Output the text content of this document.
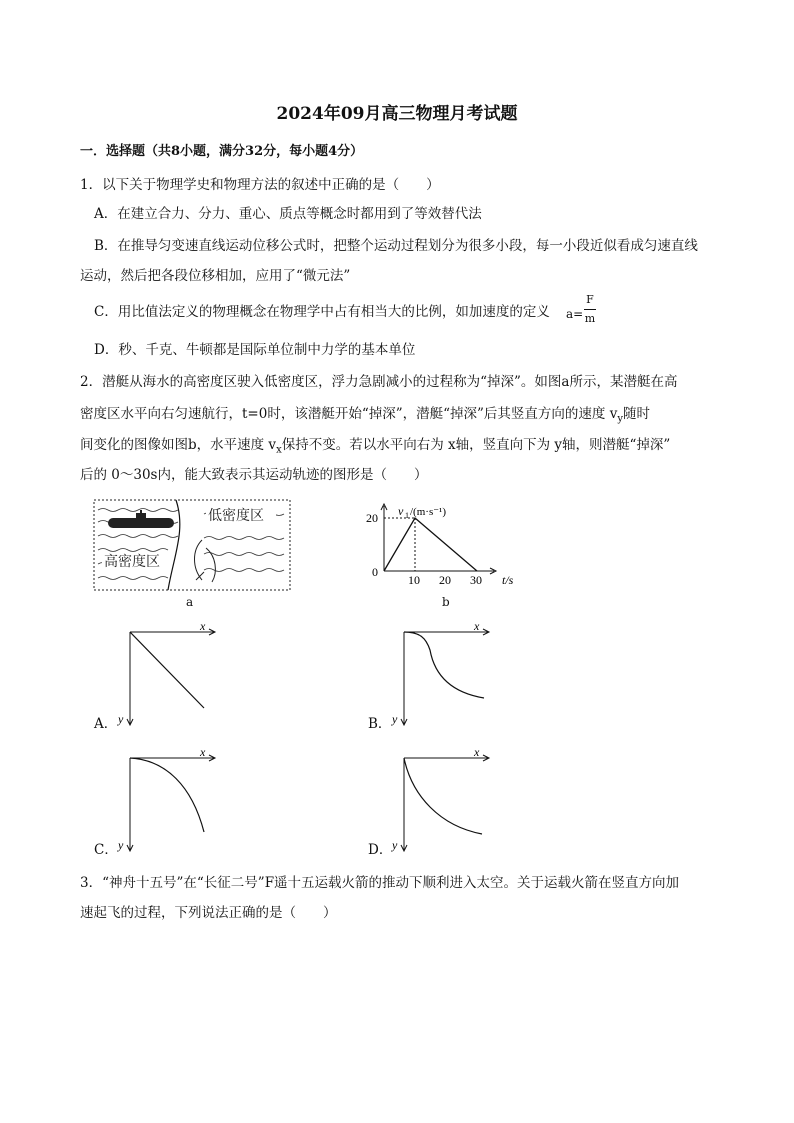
2024年09月高三物理月考试题
一．选择题（共8小题，满分32分，每小题4分）
1．以下关于物理学史和物理方法的叙述中正确的是（　　）
A．在建立合力、分力、重心、质点等概念时都用到了等效替代法
B．在推导匀变速直线运动位移公式时，把整个运动过程划分为很多小段，每一小段近似看成匀速直线
运动，然后把各段位移相加，应用了“微元法”
C．用比值法定义的物理概念在物理学中占有相当大的比例，如加速度的定义 a=
F
m
D．秒、千克、牛顿都是国际单位制中力学的基本单位
2．潜艇从海水的高密度区驶入低密度区，浮力急剧减小的过程称为“掉深”。如图a所示，某潜艇在高
密度区水平向右匀速航行，t=0时，该潜艇开始“掉深”，潜艇“掉深”后其竖直方向的速度 $v_y$随时
间变化的图像如图b，水平速度 $v_x$保持不变。若以水平向右为 x轴，竖直向下为 y轴，则潜艇“掉深”
后的 0～30s内，能大致表示其运动轨迹的图形是（　　）
低密度区
高密度区
a
10 20 30
20 v 1 /(m·s⁻¹)
t/s
0
b
x
y
A．
x
y
B．
x
y
C．
x
y
D．
3．“神舟十五号”在“长征二号”F遥十五运载火箭的推动下顺利进入太空。关于运载火箭在竖直方向加
速起飞的过程，下列说法正确的是（　　）
